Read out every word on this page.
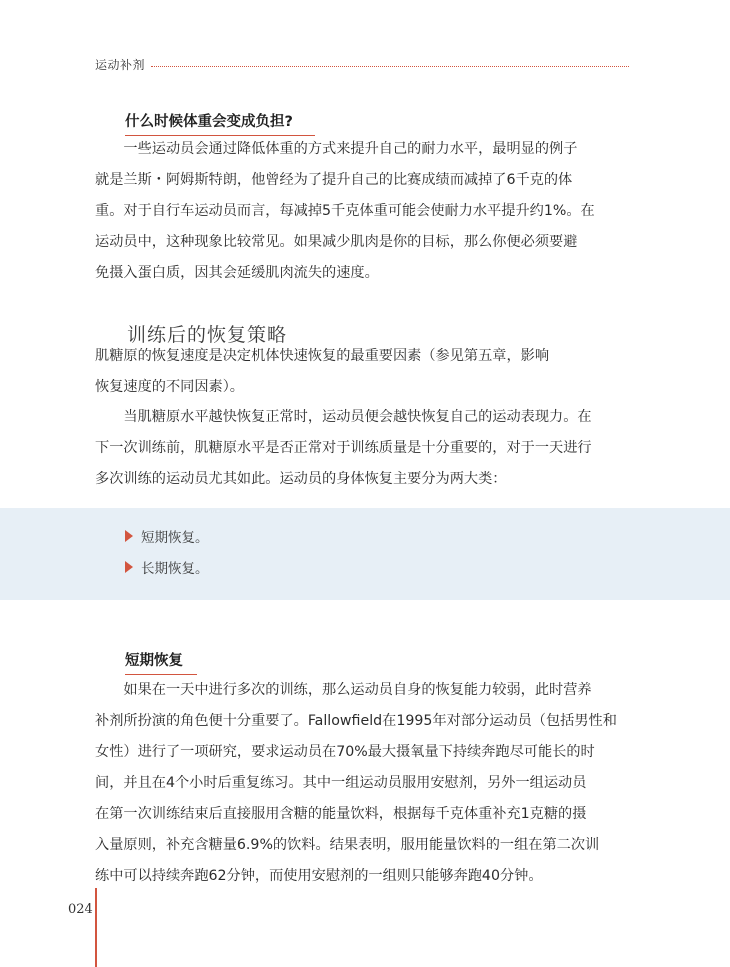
运动补剂
什么时候体重会变成负担?
　　一些运动员会通过降低体重的方式来提升自己的耐力水平，最明显的例子
就是兰斯・阿姆斯特朗，他曾经为了提升自己的比赛成绩而减掉了6千克的体
重。对于自行车运动员而言，每减掉5千克体重可能会使耐力水平提升约1%。在
运动员中，这种现象比较常见。如果减少肌肉是你的目标，那么你便必须要避
免摄入蛋白质，因其会延缓肌肉流失的速度。
训练后的恢复策略
肌糖原的恢复速度是决定机体快速恢复的最重要因素（参见第五章，影响
恢复速度的不同因素）。
　　当肌糖原水平越快恢复正常时，运动员便会越快恢复自己的运动表现力。在
下一次训练前，肌糖原水平是否正常对于训练质量是十分重要的，对于一天进行
多次训练的运动员尤其如此。运动员的身体恢复主要分为两大类：
短期恢复。
长期恢复。
短期恢复
　　如果在一天中进行多次的训练，那么运动员自身的恢复能力较弱，此时营养
补剂所扮演的角色便十分重要了。Fallowfield在1995年对部分运动员（包括男性和
女性）进行了一项研究，要求运动员在70%最大摄氧量下持续奔跑尽可能长的时
间，并且在4个小时后重复练习。其中一组运动员服用安慰剂，另外一组运动员
在第一次训练结束后直接服用含糖的能量饮料，根据每千克体重补充1克糖的摄
入量原则，补充含糖量6.9%的饮料。结果表明，服用能量饮料的一组在第二次训
练中可以持续奔跑62分钟，而使用安慰剂的一组则只能够奔跑40分钟。
024
